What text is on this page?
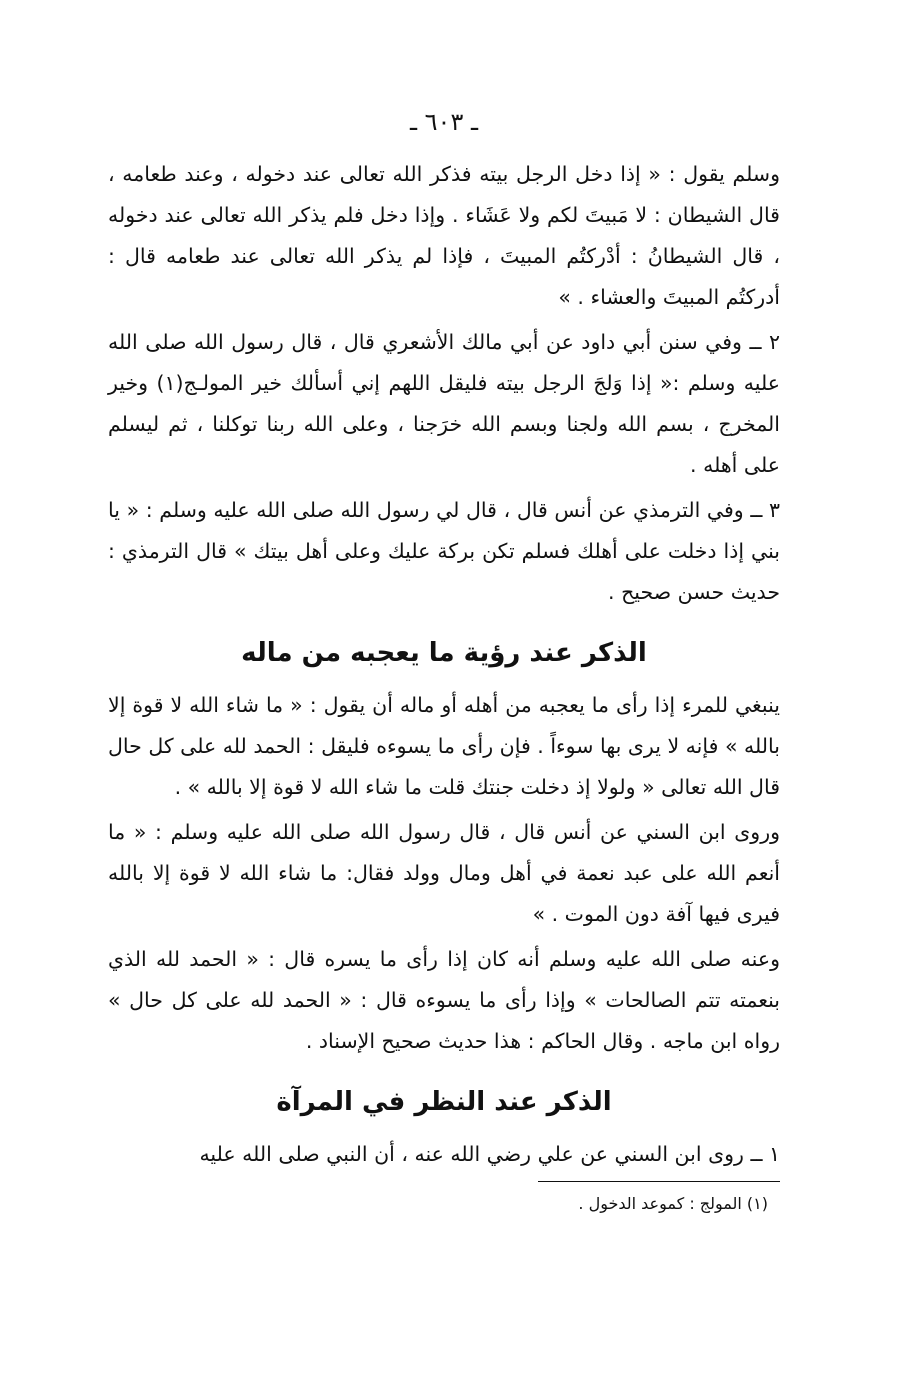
ـ ٦٠٣ ـ

وسلم يقول : « إذا دخل الرجل بيته فذكر الله تعالى عند دخوله ، وعند طعامه ، قال الشيطان : لا مَبيتَ لكم ولا عَشَاء . وإذا دخل فلم يذكر الله تعالى عند دخوله ، قال الشيطانُ : أدْركتُم المبيتَ ، فإذا لم يذكر الله تعالى عند طعامه قال : أدركتُم المبيتَ والعشاء . »

٢ ــ وفي سنن أبي داود عن أبي مالك الأشعري قال ، قال رسول الله صلى الله عليه وسلم :« إذا وَلجَ الرجل بيته فليقل اللهم إني أسألك خير المولـج(١) وخير المخرج ، بسم الله ولجنا وبسم الله خرَجنا ، وعلى الله ربنا توكلنا ، ثم ليسلم على أهله .

٣ ــ وفي الترمذي عن أنس قال ، قال لي رسول الله صلى الله عليه وسلم : « يا بني إذا دخلت على أهلك فسلم تكن بركة عليك وعلى أهل بيتك » قال الترمذي : حديث حسن صحيح .

الذكر عند رؤية ما يعجبه من ماله

ينبغي للمرء إذا رأى ما يعجبه من أهله أو ماله أن يقول : « ما شاء الله لا قوة إلا بالله » فإنه لا يرى بها سوءاً . فإن رأى ما يسوءه فليقل : الحمد لله على كل حال قال الله تعالى « ولولا إذ دخلت جنتك قلت ما شاء الله لا قوة إلا بالله » .

وروى ابن السني عن أنس قال ، قال رسول الله صلى الله عليه وسلم : « ما أنعم الله على عبد نعمة في أهل ومال وولد فقال: ما شاء الله لا قوة إلا بالله فيرى فيها آفة دون الموت . »

وعنه صلى الله عليه وسلم أنه كان إذا رأى ما يسره قال : « الحمد لله الذي بنعمته تتم الصالحات » وإذا رأى ما يسوءه قال : « الحمد لله على كل حال » رواه ابن ماجه . وقال الحاكم : هذا حديث صحيح الإسناد .

الذكر عند النظر في المرآة

١ ــ روى ابن السني عن علي رضي الله عنه ، أن النبي صلى الله عليه

(١) المولج : كموعد الدخول .
